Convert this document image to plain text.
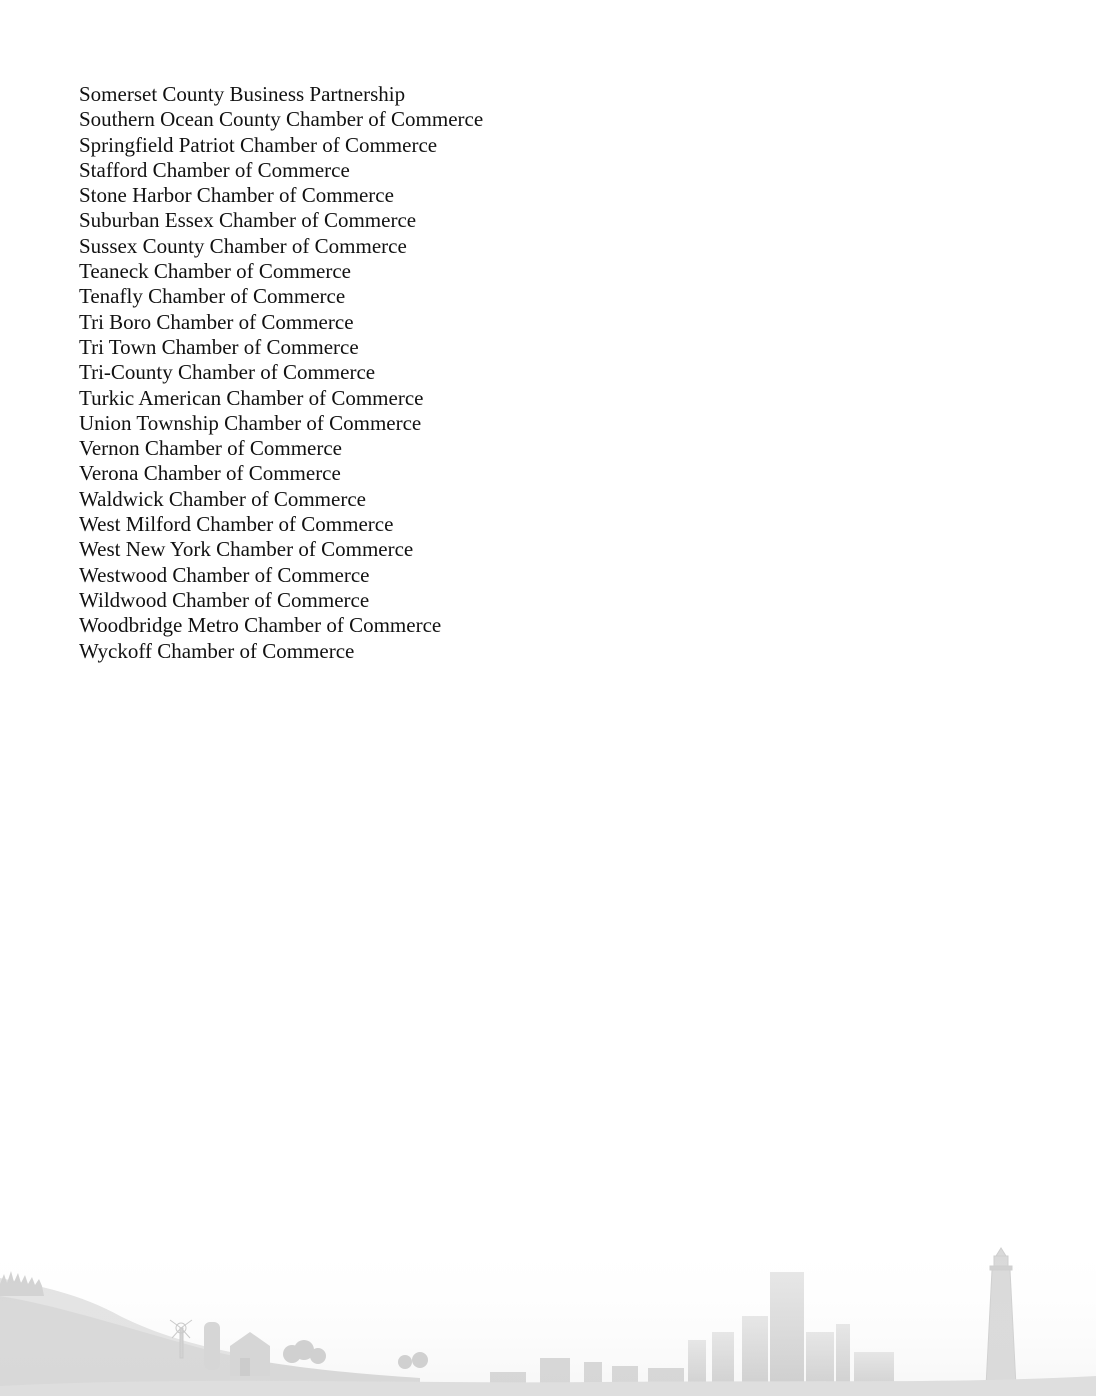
Somerset County Business Partnership
Southern Ocean County Chamber of Commerce
Springfield Patriot Chamber of Commerce
Stafford Chamber of Commerce
Stone Harbor Chamber of Commerce
Suburban Essex Chamber of Commerce
Sussex County Chamber of Commerce
Teaneck Chamber of Commerce
Tenafly Chamber of Commerce
Tri Boro Chamber of Commerce
Tri Town Chamber of Commerce
Tri-County Chamber of Commerce
Turkic American Chamber of Commerce
Union Township Chamber of Commerce
Vernon Chamber of Commerce
Verona Chamber of Commerce
Waldwick Chamber of Commerce
West Milford Chamber of Commerce
West New York Chamber of Commerce
Westwood Chamber of Commerce
Wildwood Chamber of Commerce
Woodbridge Metro Chamber of Commerce
Wyckoff Chamber of Commerce
